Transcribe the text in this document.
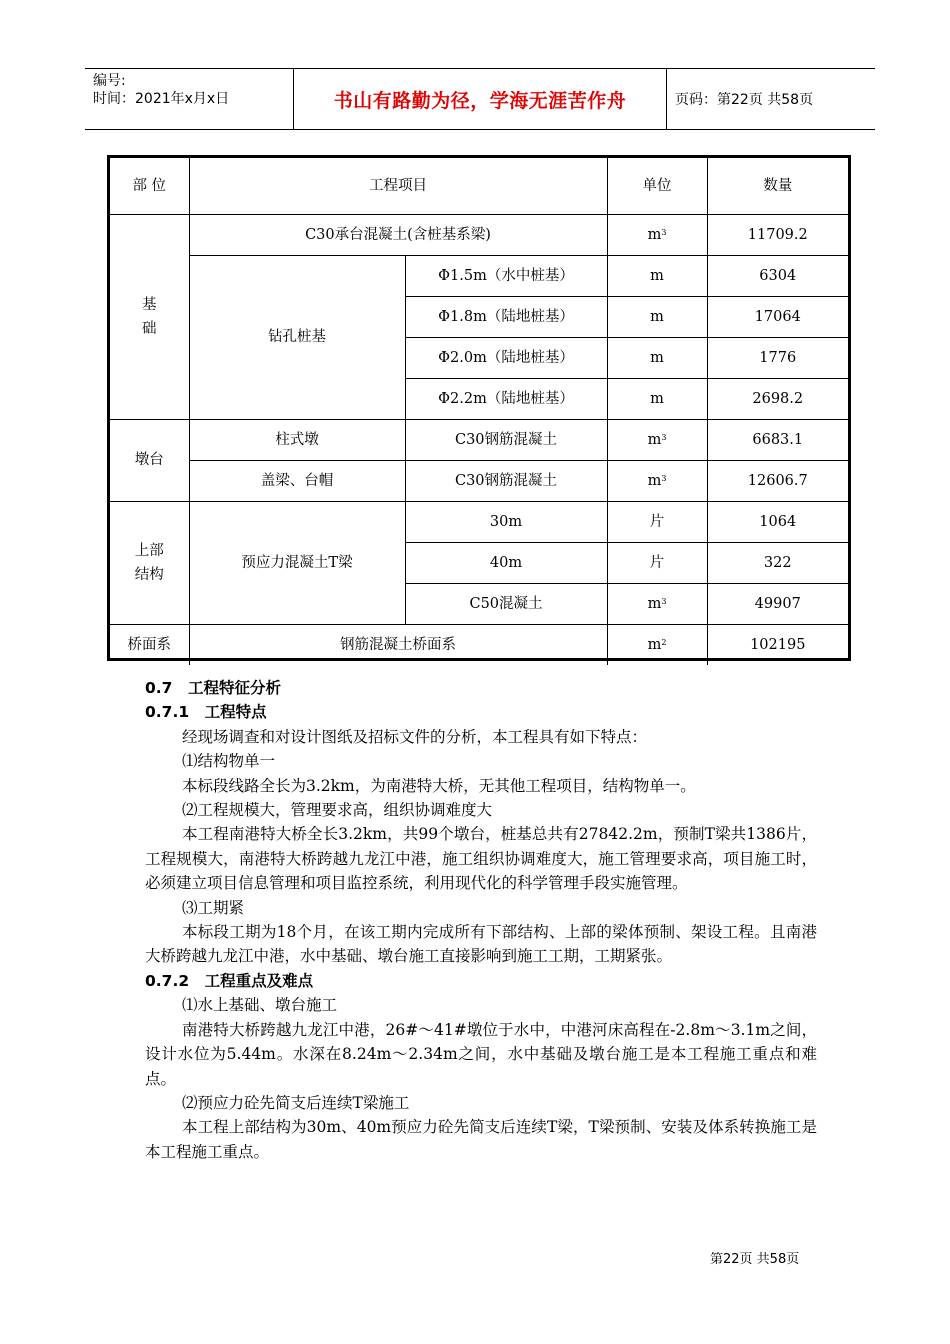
编号:
时间：2021年x月x日	书山有路勤为径，学海无涯苦作舟	页码：第22页 共58页
部 位	工程项目		单位	数量
基
础	C30承台混凝土(含桩基系梁)		$m^3$	11709.2
	钻孔桩基	Φ1.5m（水中桩基）	m	6304
		Φ1.8m（陆地桩基）	m	17064
		Φ2.0m（陆地桩基）	m	1776
		Φ2.2m（陆地桩基）	m	2698.2
墩台	柱式墩	C30钢筋混凝土	$m^3$	6683.1
	盖梁、台帽	C30钢筋混凝土	$m^3$	12606.7
上部
结构	预应力混凝土T梁	30m	片	1064
		40m	片	322
		C50混凝土	$m^3$	49907
桥面系	钢筋混凝土桥面系		$m^2$	102195

0.7　工程特征分析

0.7.1　工程特点

经现场调查和对设计图纸及招标文件的分析，本工程具有如下特点：

⑴结构物单一

本标段线路全长为3.2km，为南港特大桥，无其他工程项目，结构物单一。

⑵工程规模大，管理要求高，组织协调难度大

本工程南港特大桥全长3.2km，共99个墩台，桩基总共有27842.2m，预制T梁共1386片，工程规模大，南港特大桥跨越九龙江中港，施工组织协调难度大，施工管理要求高，项目施工时，必须建立项目信息管理和项目监控系统，利用现代化的科学管理手段实施管理。

⑶工期紧

本标段工期为18个月，在该工期内完成所有下部结构、上部的梁体预制、架设工程。且南港大桥跨越九龙江中港，水中基础、墩台施工直接影响到施工工期，工期紧张。

0.7.2　工程重点及难点

⑴水上基础、墩台施工

南港特大桥跨越九龙江中港，26#～41#墩位于水中，中港河床高程在-2.8m～3.1m之间，设计水位为5.44m。水深在8.24m～2.34m之间，水中基础及墩台施工是本工程施工重点和难点。

⑵预应力砼先简支后连续T梁施工

本工程上部结构为30m、40m预应力砼先简支后连续T梁，T梁预制、安装及体系转换施工是本工程施工重点。

第22页 共58页
